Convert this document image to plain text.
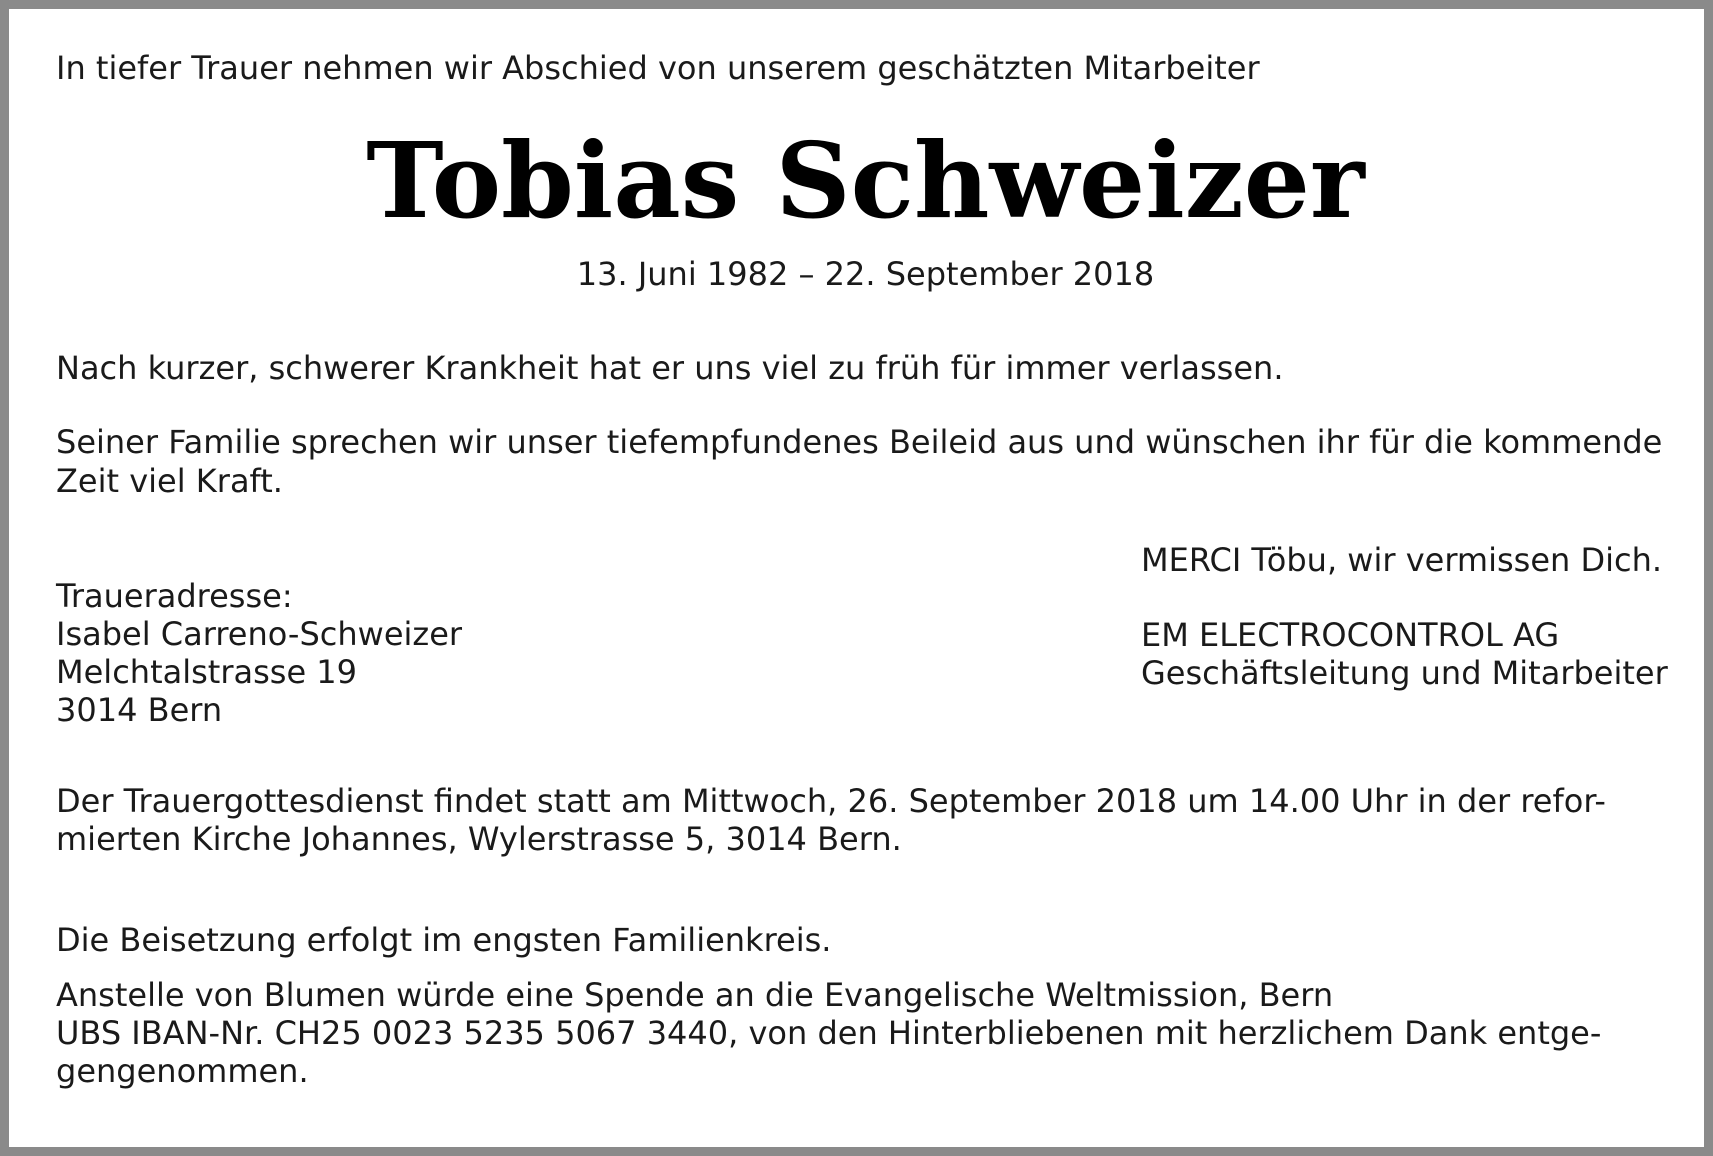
In tiefer Trauer nehmen wir Abschied von unserem geschätzten Mitarbeiter

Tobias Schweizer
13. Juni 1982 – 22. September 2018

Nach kurzer, schwerer Krankheit hat er uns viel zu früh für immer verlassen.

Seiner Familie sprechen wir unser tiefempfundenes Beileid aus und wünschen ihr für die kommende

Zeit viel Kraft.

MERCI Töbu, wir vermissen Dich.

EM ELECTROCONTROL AG

Geschäftsleitung und Mitarbeiter

Traueradresse:

Isabel Carreno-Schweizer

Melchtalstrasse 19

3014 Bern

Der Trauergottesdienst findet statt am Mittwoch, 26. September 2018 um 14.00 Uhr in der refor-

mierten Kirche Johannes, Wylerstrasse 5, 3014 Bern.

Die Beisetzung erfolgt im engsten Familienkreis.

Anstelle von Blumen würde eine Spende an die Evangelische Weltmission, Bern

UBS IBAN-Nr. CH25 0023 5235 5067 3440, von den Hinterbliebenen mit herzlichem Dank entge-

gengenommen.
